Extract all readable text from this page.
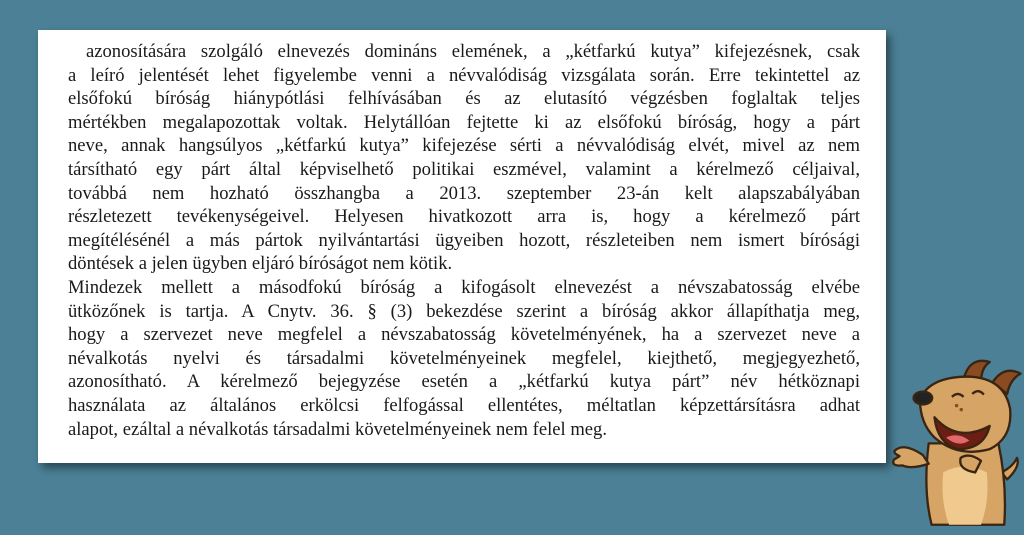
azonosítására szolgáló elnevezés domináns elemének, a „kétfarkú kutya” kifejezésnek, csak
a leíró jelentését lehet figyelembe venni a névvalódiság vizsgálata során. Erre tekintettel az
elsőfokú bíróság hiánypótlási felhívásában és az elutasító végzésben foglaltak teljes
mértékben megalapozottak voltak. Helytállóan fejtette ki az elsőfokú bíróság, hogy a párt
neve, annak hangsúlyos „kétfarkú kutya” kifejezése sérti a névvalódiság elvét, mivel az nem
társítható egy párt által képviselhető politikai eszmével, valamint a kérelmező céljaival,
továbbá nem hozható összhangba a 2013. szeptember 23-án kelt alapszabályában
részletezett tevékenységeivel. Helyesen hivatkozott arra is, hogy a kérelmező párt
megítélésénél a más pártok nyilvántartási ügyeiben hozott, részleteiben nem ismert bírósági
döntések a jelen ügyben eljáró bíróságot nem kötik.
Mindezek mellett a másodfokú bíróság a kifogásolt elnevezést a névszabatosság elvébe
ütközőnek is tartja. A Cnytv. 36. § (3) bekezdése szerint a bíróság akkor állapíthatja meg,
hogy a szervezet neve megfelel a névszabatosság követelményének, ha a szervezet neve a
névalkotás nyelvi és társadalmi követelményeinek megfelel, kiejthető, megjegyezhető,
azonosítható. A kérelmező bejegyzése esetén a „kétfarkú kutya párt” név hétköznapi
használata az általános erkölcsi felfogással ellentétes, méltatlan képzettársításra adhat
alapot, ezáltal a névalkotás társadalmi követelményeinek nem felel meg.
